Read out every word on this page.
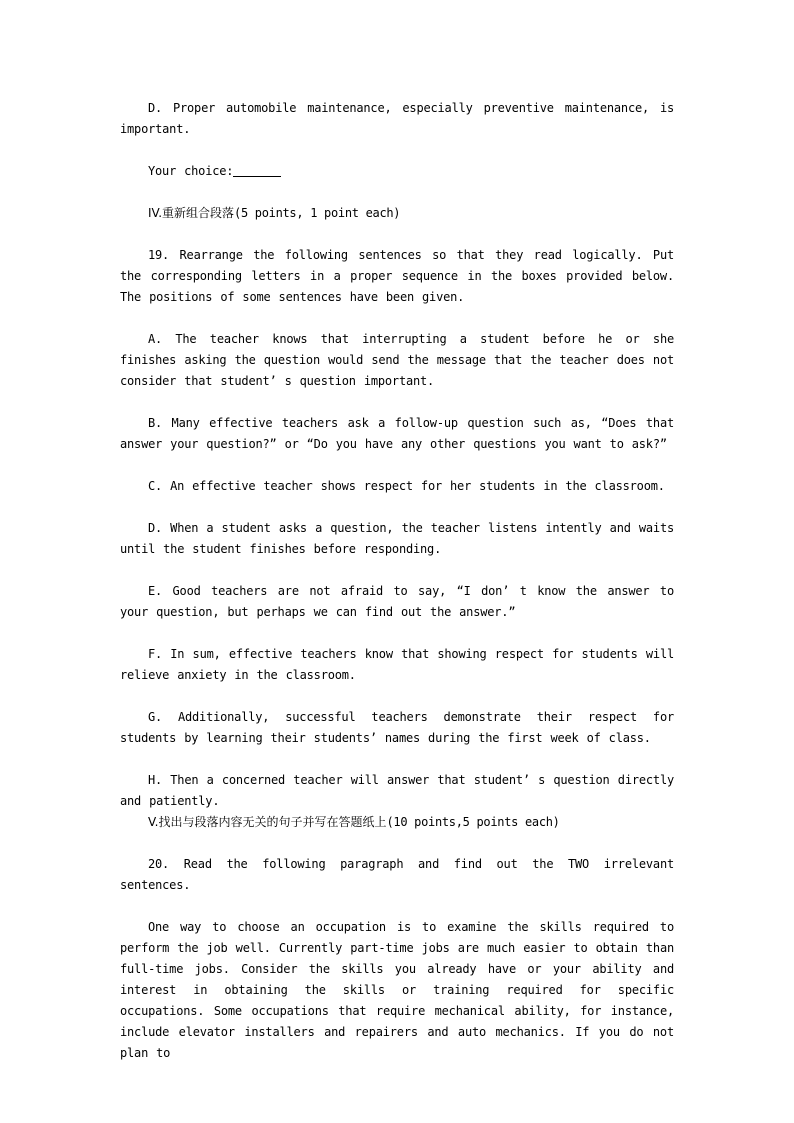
D. Proper automobile maintenance, especially preventive maintenance, is important.

Your choice:

IV.重新组合段落(5 points, 1 point each)

19. Rearrange the following sentences so that they read logically. Put the corresponding letters in a proper sequence in the boxes provided below. The positions of some sentences have been given.

A. The teacher knows that interrupting a student before he or she finishes asking the question would send the message that the teacher does not consider that student’ s question important.

B. Many effective teachers ask a follow-up question such as, “Does that answer your question?” or “Do you have any other questions you want to ask?”

C. An effective teacher shows respect for her students in the classroom.

D. When a student asks a question, the teacher listens intently and waits until the student finishes before responding.

E. Good teachers are not afraid to say, “I don’ t know the answer to your question, but perhaps we can find out the answer.”

F. In sum, effective teachers know that showing respect for students will relieve anxiety in the classroom.

G. Additionally, successful teachers demonstrate their respect for students by learning their students’ names during the first week of class.

H. Then a concerned teacher will answer that student’ s question directly and patiently.

V.找出与段落内容无关的句子并写在答题纸上(10 points,5 points each)

20. Read the following paragraph and find out the TWO irrelevant sentences.

One way to choose an occupation is to examine the skills required to perform the job well. Currently part-time jobs are much easier to obtain than full-time jobs. Consider the skills you already have or your ability and interest in obtaining the skills or training required for specific occupations. Some occupations that require mechanical ability, for instance, include elevator installers and repairers and auto mechanics. If you do not plan to
